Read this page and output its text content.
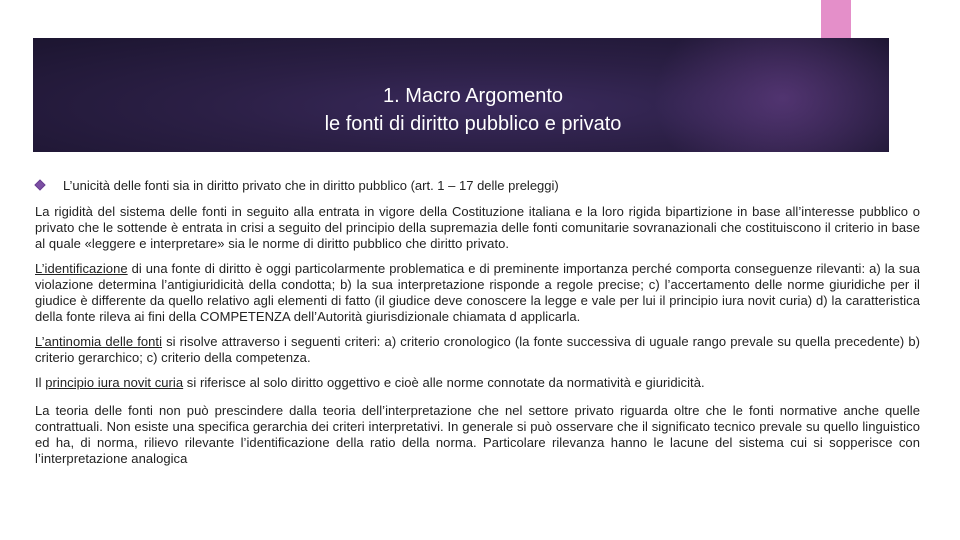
1. Macro Argomento
le fonti di diritto pubblico e privato
L’unicità delle fonti sia in diritto privato che in diritto pubblico (art. 1 – 17 delle preleggi)

La rigidità del sistema delle fonti in seguito alla entrata in vigore della Costituzione italiana e la loro rigida bipartizione in base all’interesse pubblico o privato che le sottende è entrata in crisi a seguito del principio della supremazia delle fonti comunitarie sovranazionali che costituiscono il criterio in base al quale «leggere e interpretare» sia le norme di diritto pubblico che diritto privato.

L’identificazione di una fonte di diritto è oggi particolarmente problematica e di preminente importanza perché comporta conseguenze rilevanti: a) la sua violazione determina l’antigiuridicità della condotta; b) la sua interpretazione risponde a regole precise; c) l’accertamento delle norme giuridiche per il giudice è differente da quello relativo agli elementi di fatto (il giudice deve conoscere la legge e vale per lui il principio iura novit curia) d) la caratteristica della fonte rileva ai fini della COMPETENZA dell’Autorità giurisdizionale chiamata d applicarla.

L’antinomia delle fonti si risolve attraverso i seguenti criteri: a) criterio cronologico (la fonte successiva di uguale rango prevale su quella precedente) b) criterio gerarchico; c) criterio della competenza.

Il principio iura novit curia si riferisce al solo diritto oggettivo e cioè alle norme connotate da normatività e giuridicità.

La teoria delle fonti non può prescindere dalla teoria dell’interpretazione che nel settore privato riguarda oltre che le fonti normative anche quelle contrattuali. Non esiste una specifica gerarchia dei criteri interpretativi. In generale si può osservare che il significato tecnico prevale su quello linguistico ed ha, di norma, rilievo rilevante l’identificazione della ratio della norma. Particolare rilevanza hanno le lacune del sistema cui si sopperisce con l’interpretazione analogica
